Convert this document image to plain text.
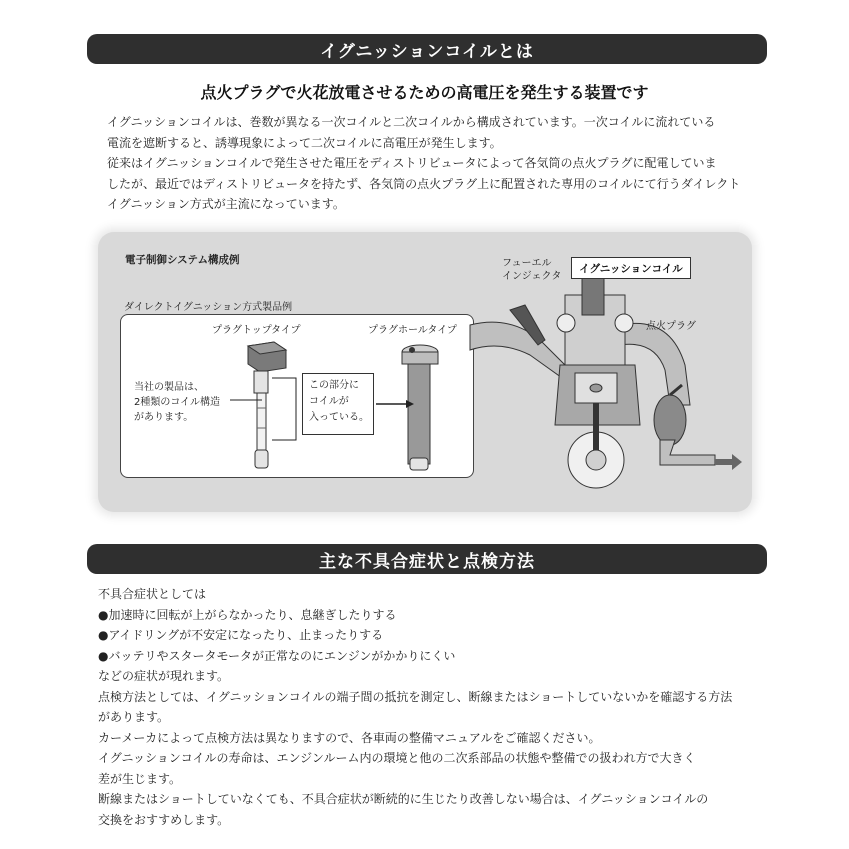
イグニッションコイルとは
点火プラグで火花放電させるための高電圧を発生する装置です

イグニッションコイルは、巻数が異なる一次コイルと二次コイルから構成されています。一次コイルに流れている

電流を遮断すると、誘導現象によって二次コイルに高電圧が発生します。

従来はイグニッションコイルで発生させた電圧をディストリビュータによって各気筒の点火プラグに配電していま

したが、最近ではディストリビュータを持たず、各気筒の点火プラグ上に配置された専用のコイルにて行うダイレクト

イグニッション方式が主流になっています。

電子制御システム構成例
ダイレクトイグニッション方式製品例
プラグトップタイプ	プラグホールタイプ
当社の製品は、
2種類のコイル構造
があります。
この部分に
コイルが
入っている。
フューエル
インジェクタ
イグニッションコイル
点火プラグ
主な不具合症状と点検方法

不具合症状としては

●加速時に回転が上がらなかったり、息継ぎしたりする

●アイドリングが不安定になったり、止まったりする

●バッテリやスタータモータが正常なのにエンジンがかかりにくい

などの症状が現れます。

点検方法としては、イグニッションコイルの端子間の抵抗を測定し、断線またはショートしていないかを確認する方法

があります。

カーメーカによって点検方法は異なりますので、各車両の整備マニュアルをご確認ください。

イグニッションコイルの寿命は、エンジンルーム内の環境と他の二次系部品の状態や整備での扱われ方で大きく

差が生じます。

断線またはショートしていなくても、不具合症状が断続的に生じたり改善しない場合は、イグニッションコイルの

交換をおすすめします。
